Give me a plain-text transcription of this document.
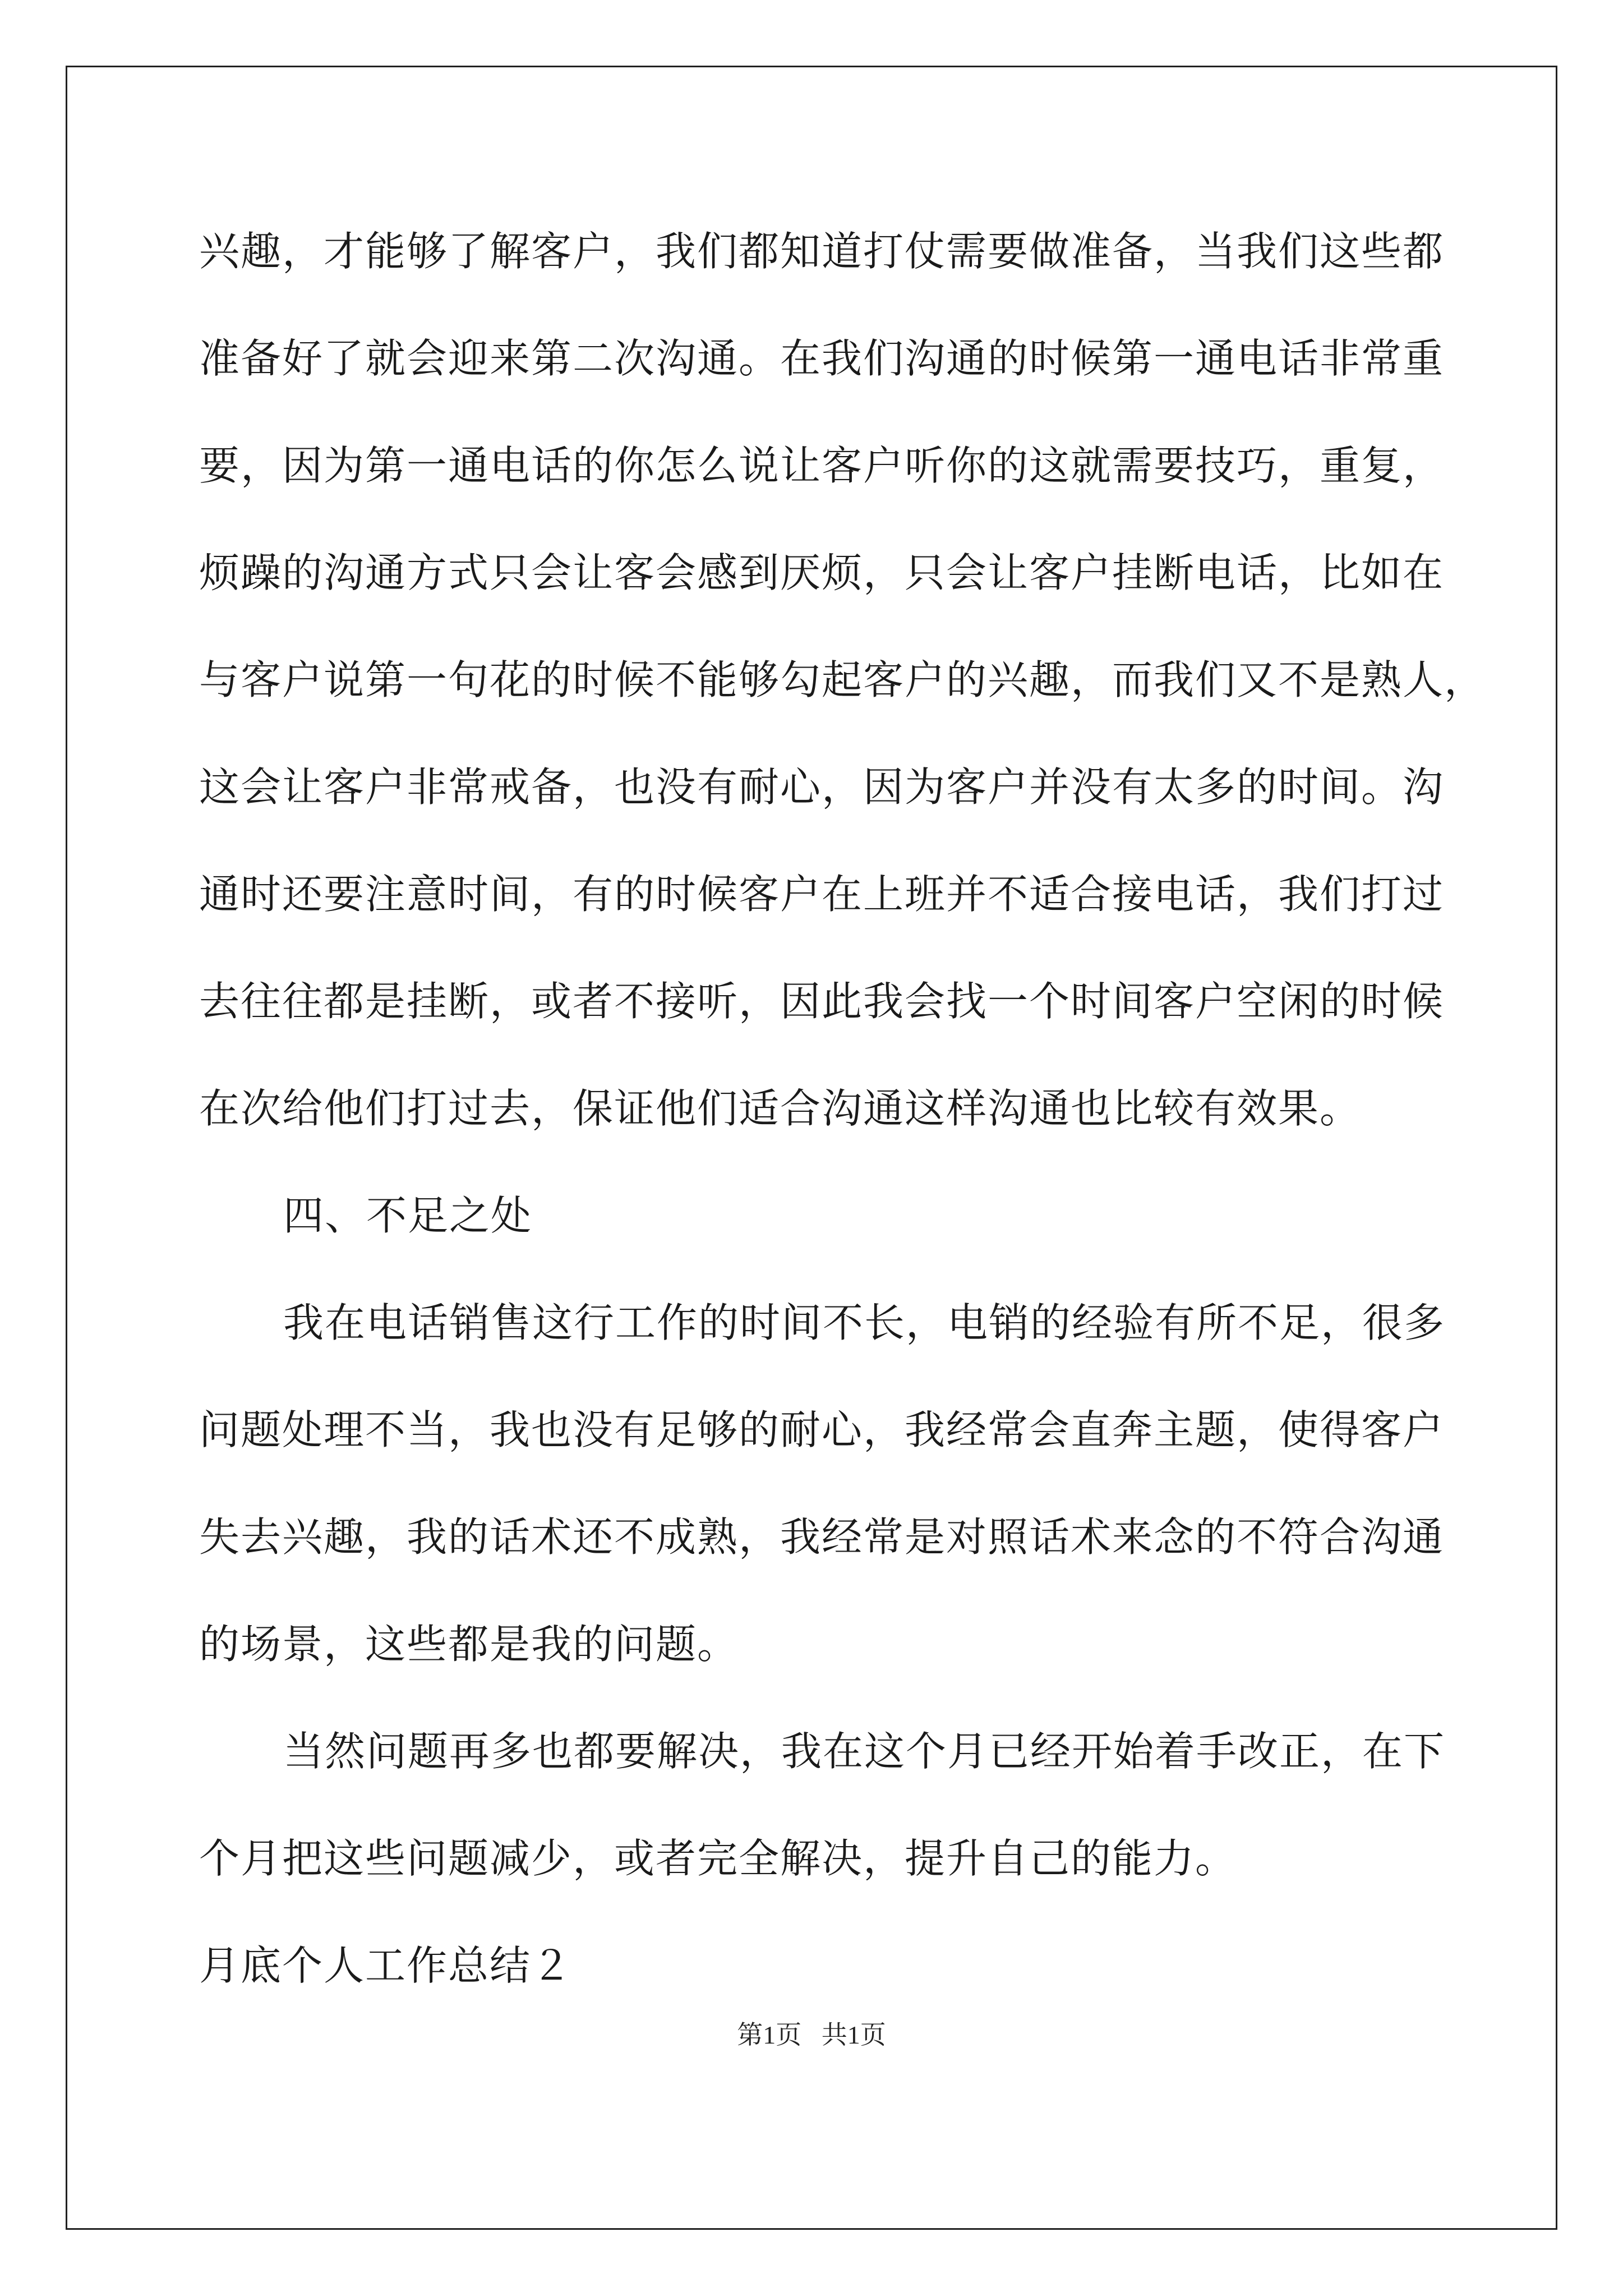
兴趣，才能够了解客户，我们都知道打仗需要做准备，当我们这些都
准备好了就会迎来第二次沟通。在我们沟通的时候第一通电话非常重
要，因为第一通电话的你怎么说让客户听你的这就需要技巧，重复，
烦躁的沟通方式只会让客会感到厌烦，只会让客户挂断电话，比如在
与客户说第一句花的时候不能够勾起客户的兴趣，而我们又不是熟人，
这会让客户非常戒备，也没有耐心，因为客户并没有太多的时间。沟
通时还要注意时间，有的时候客户在上班并不适合接电话，我们打过
去往往都是挂断，或者不接听，因此我会找一个时间客户空闲的时候
在次给他们打过去，保证他们适合沟通这样沟通也比较有效果。
四、不足之处
我在电话销售这行工作的时间不长，电销的经验有所不足，很多
问题处理不当，我也没有足够的耐心，我经常会直奔主题，使得客户
失去兴趣，我的话术还不成熟，我经常是对照话术来念的不符合沟通
的场景，这些都是我的问题。
当然问题再多也都要解决，我在这个月已经开始着手改正，在下
个月把这些问题减少，或者完全解决，提升自己的能力。
月底个人工作总结２
第1页 共1页
